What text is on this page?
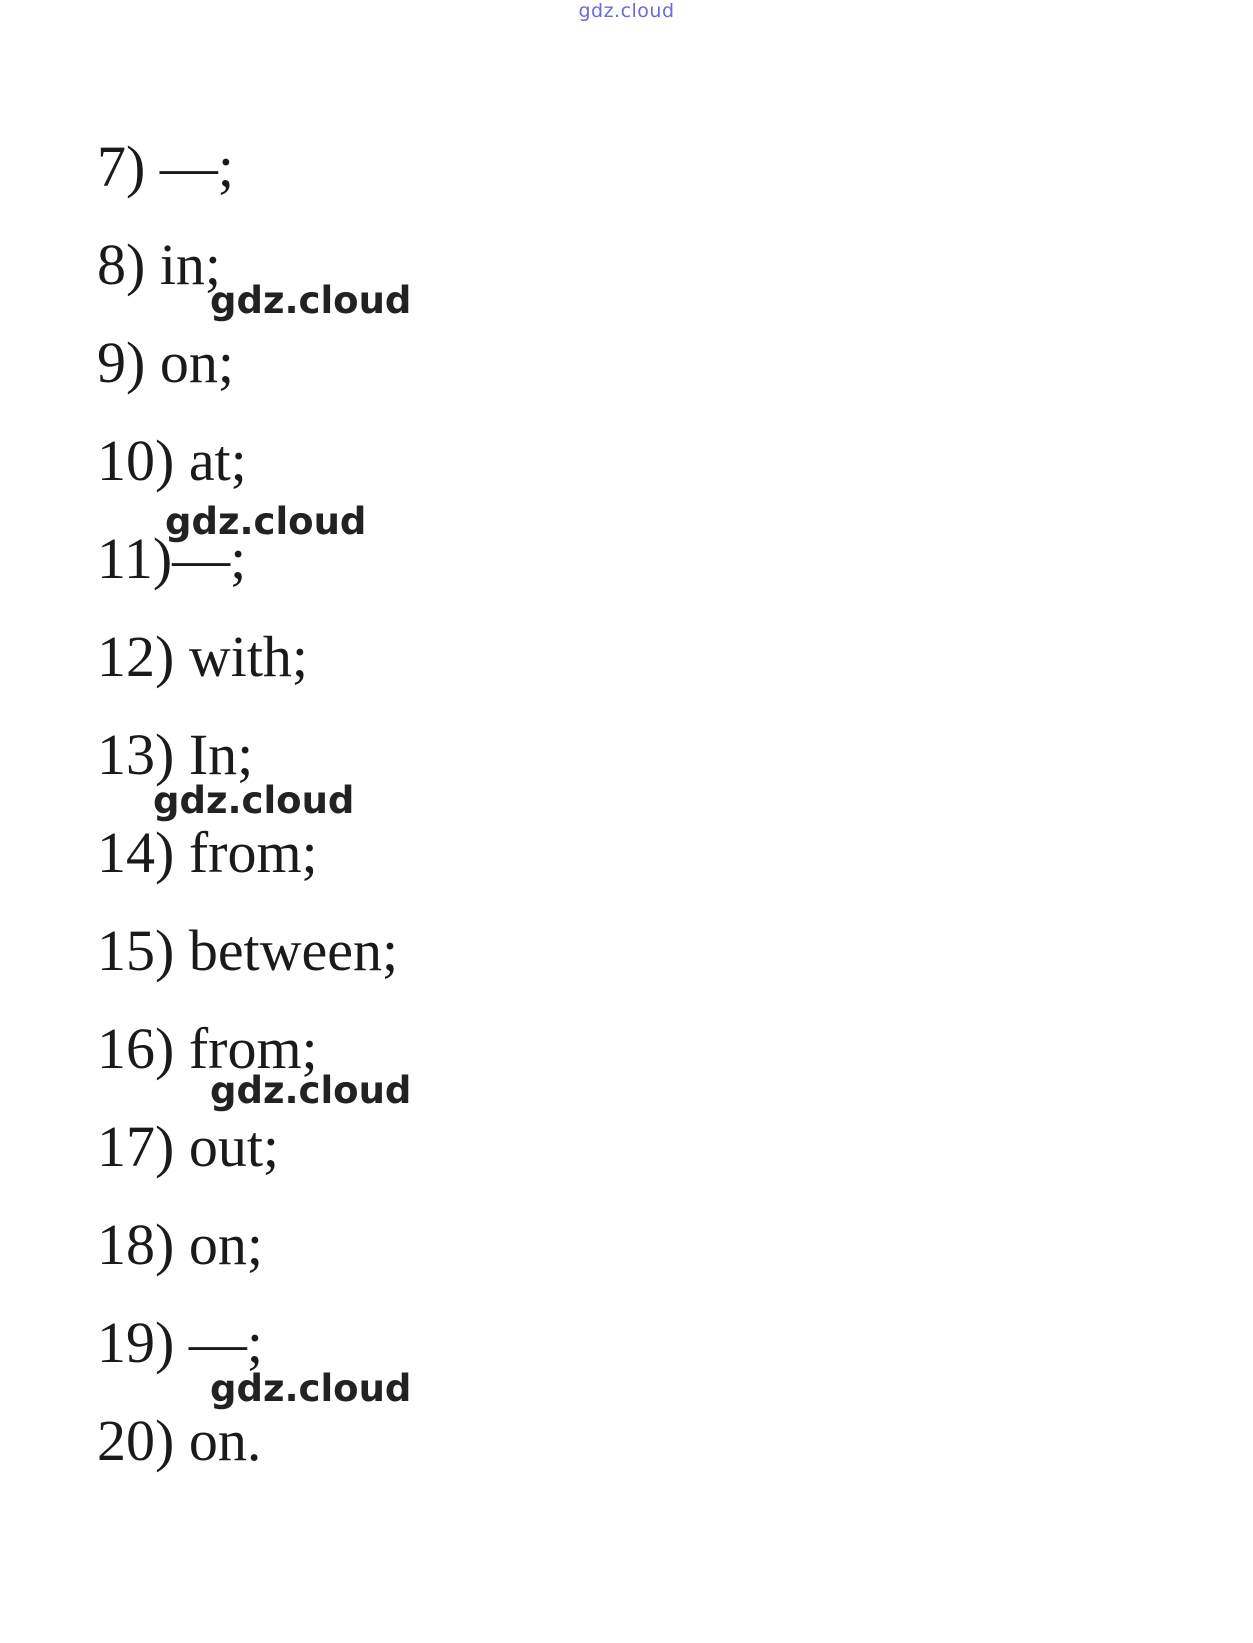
gdz.cloud
7) —;
8) in;
9) on;
10) at;
11)—;
12) with;
13) In;
14) from;
15) between;
16) from;
17) out;
18) on;
19) —;
20) on.
gdz.cloud
gdz.cloud
gdz.cloud
gdz.cloud
gdz.cloud
